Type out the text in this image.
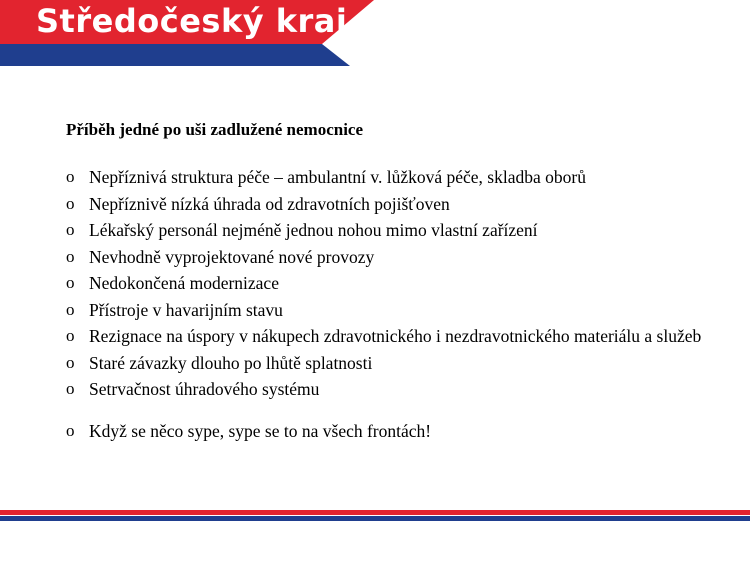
Středočeský kraj
Příběh jedné po uši zadlužené nemocnice
o Nepříznivá struktura péče – ambulantní v. lůžková péče, skladba oborů
o Nepříznivě nízká úhrada od zdravotních pojišťoven
o Lékařský personál nejméně jednou nohou mimo vlastní zařízení
o Nevhodně vyprojektované nové provozy
o Nedokončená modernizace
o Přístroje v havarijním stavu
o Rezignace na úspory v nákupech zdravotnického i nezdravotnického materiálu a služeb
o Staré závazky dlouho po lhůtě splatnosti
o Setrvačnost úhradového systému
o Když se něco sype, sype se to na všech frontách!
